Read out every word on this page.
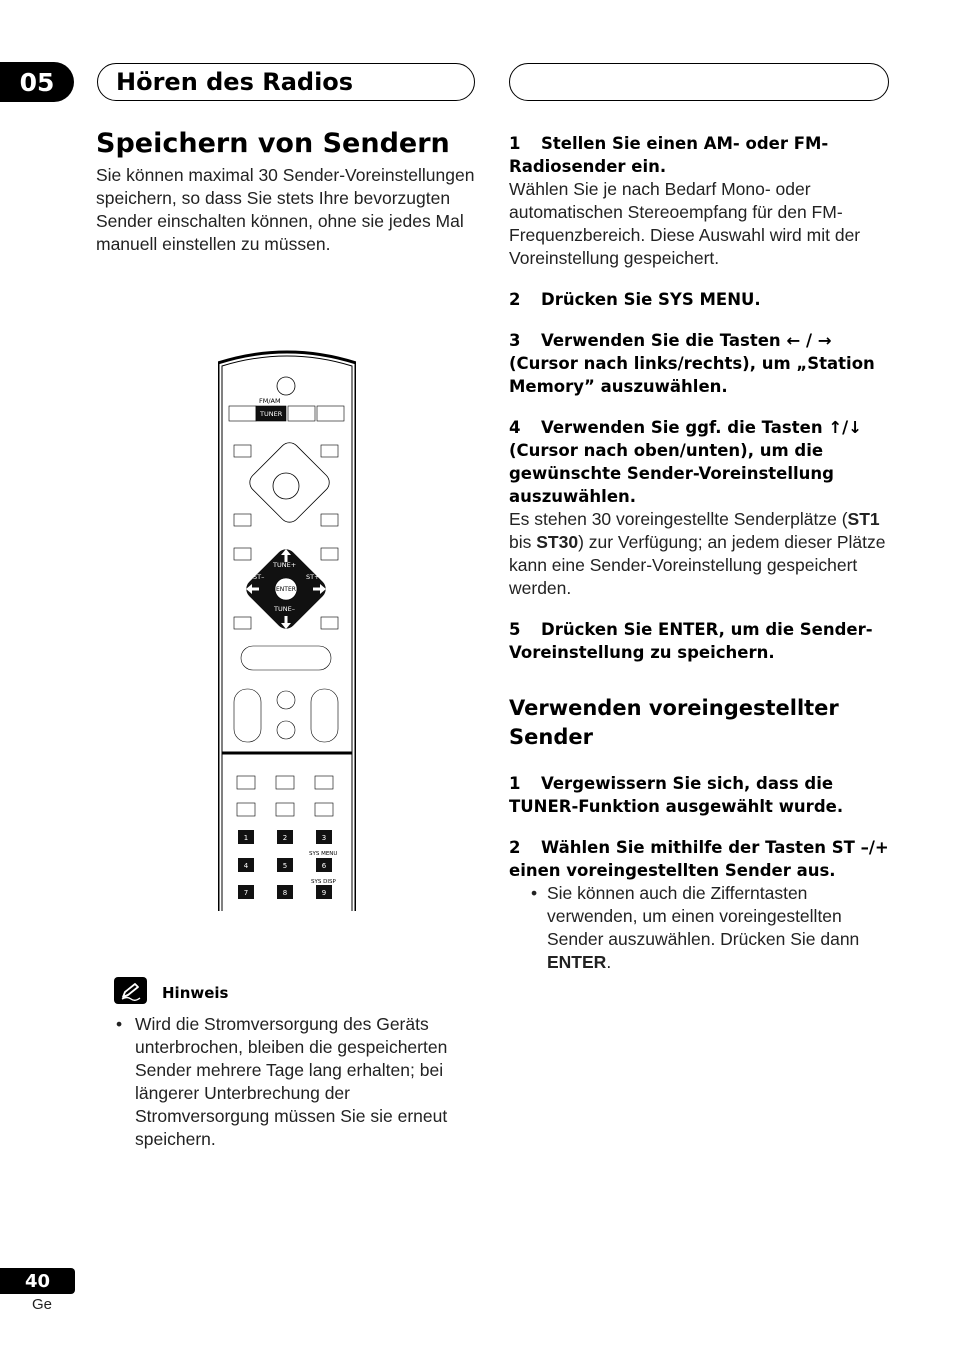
05	Hören des Radios
Speichern von Sendern

Sie können maximal 30 Sender-Voreinstellungen speichern, so dass Sie stets Ihre bevorzugten Sender einschalten können, ohne sie jedes Mal manuell einstellen zu müssen.

FM/AM
TUNER
ENTER
TUNE+
TUNE–
ST–	ST+
1	2	3
4	5	6
7	8	9
SYS MENU
SYS DISP

Hinweis

• Wird die Stromversorgung des Geräts unterbrochen, bleiben die gespeicherten Sender mehrere Tage lang erhalten; bei längerer Unterbrechung der Stromversorgung müssen Sie sie erneut speichern.

1 Stellen Sie einen AM- oder FM-Radiosender ein.
Wählen Sie je nach Bedarf Mono- oder automatischen Stereoempfang für den FM-Frequenzbereich. Diese Auswahl wird mit der Voreinstellung gespeichert.

2 Drücken Sie SYS MENU.

3 Verwenden Sie die Tasten ← / → (Cursor nach links/rechts), um „Station Memory” auszuwählen.

4 Verwenden Sie ggf. die Tasten ↑/↓ (Cursor nach oben/unten), um die gewünschte Sender-Voreinstellung auszuwählen.
Es stehen 30 voreingestellte Senderplätze (ST1 bis ST30) zur Verfügung; an jedem dieser Plätze kann eine Sender-Voreinstellung gespeichert werden.

5 Drücken Sie ENTER, um die Sender-Voreinstellung zu speichern.

Verwenden voreingestellter Sender

1 Vergewissern Sie sich, dass die TUNER-Funktion ausgewählt wurde.

2 Wählen Sie mithilfe der Tasten ST –/+ einen voreingestellten Sender aus.

• Sie können auch die Zifferntasten verwenden, um einen voreingestellten Sender auszuwählen. Drücken Sie dann ENTER.
40

Ge
